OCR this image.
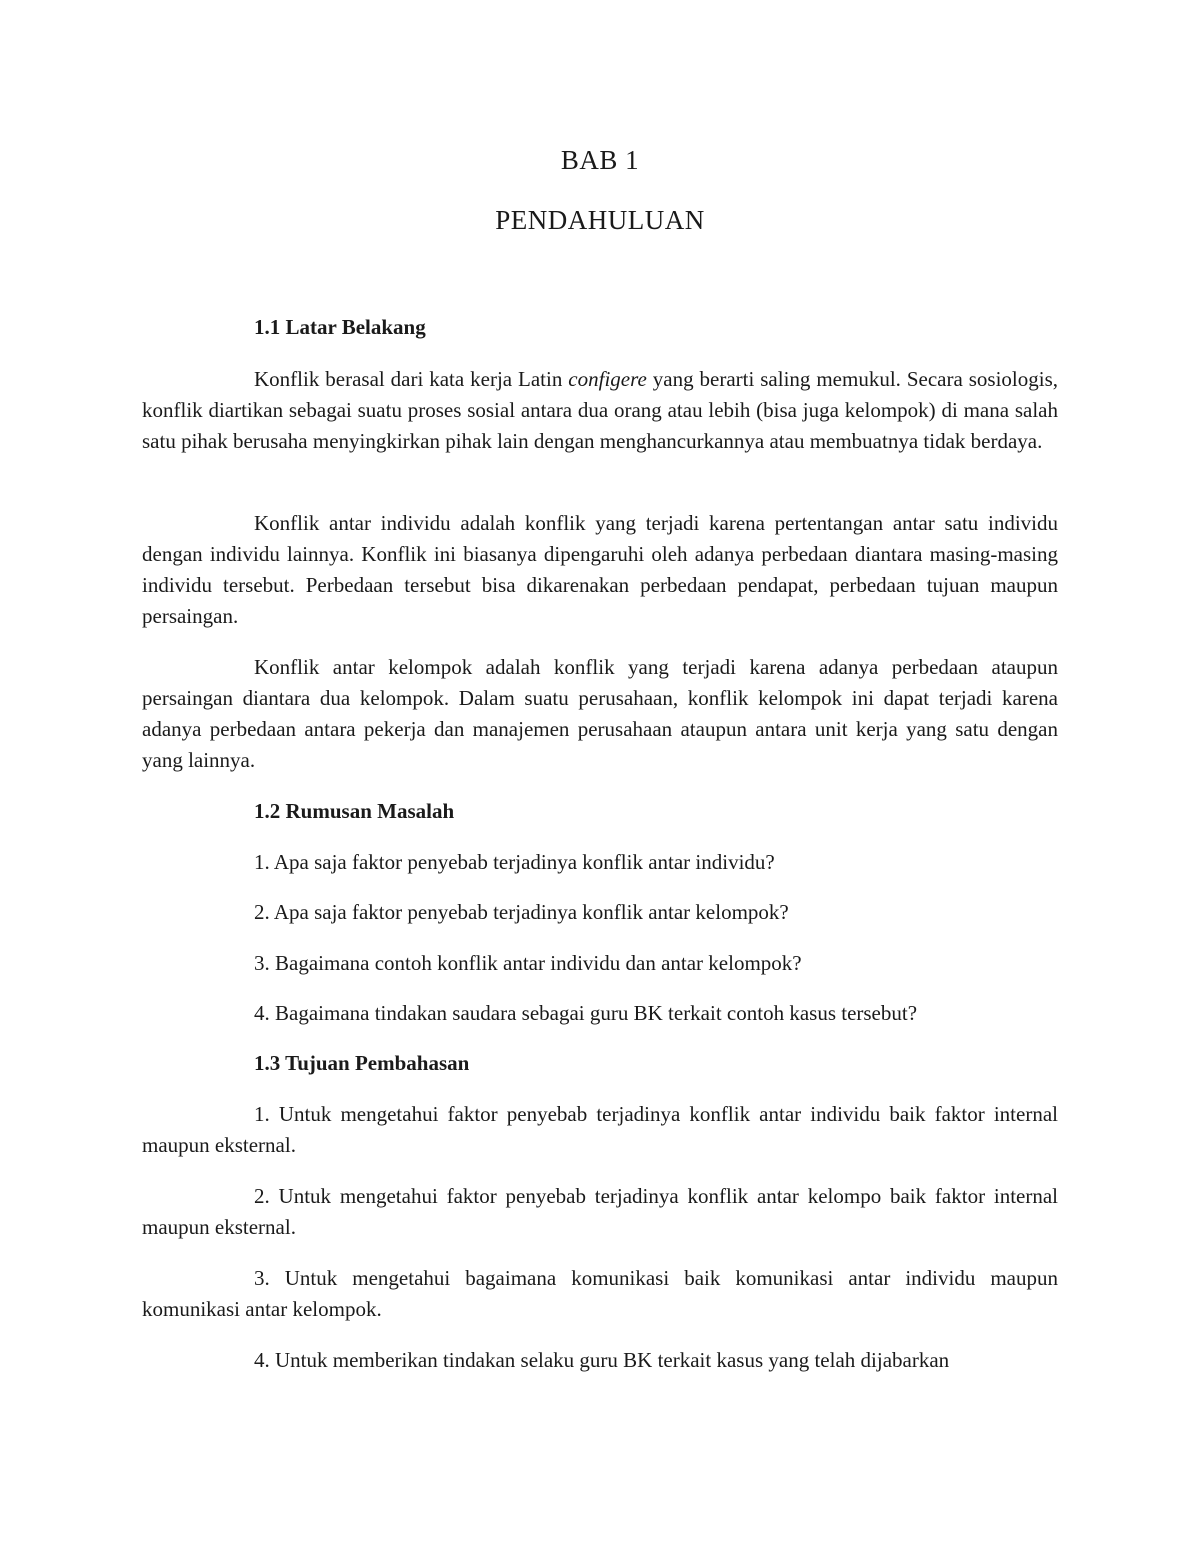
BAB 1
PENDAHULUAN
1.1 Latar Belakang

Konflik berasal dari kata kerja Latin configere yang berarti saling memukul. Secara sosiologis, konflik diartikan sebagai suatu proses sosial antara dua orang atau lebih (bisa juga kelompok) di mana salah satu pihak berusaha menyingkirkan pihak lain dengan menghancurkannya atau membuatnya tidak berdaya.

Konflik antar individu adalah konflik yang terjadi karena pertentangan antar satu individu dengan individu lainnya. Konflik ini biasanya dipengaruhi oleh adanya perbedaan diantara masing-masing individu tersebut. Perbedaan tersebut bisa dikarenakan perbedaan pendapat, perbedaan tujuan maupun persaingan.

Konflik antar kelompok adalah konflik yang terjadi karena adanya perbedaan ataupun persaingan diantara dua kelompok. Dalam suatu perusahaan, konflik kelompok ini dapat terjadi karena adanya perbedaan antara pekerja dan manajemen perusahaan ataupun antara unit kerja yang satu dengan yang lainnya.

1.2 Rumusan Masalah

1. Apa saja faktor penyebab terjadinya konflik antar individu?

2. Apa saja faktor penyebab terjadinya konflik antar kelompok?

3. Bagaimana contoh konflik antar individu dan antar kelompok?

4. Bagaimana tindakan saudara sebagai guru BK terkait contoh kasus tersebut?

1.3 Tujuan Pembahasan

1. Untuk mengetahui faktor penyebab terjadinya konflik antar individu baik faktor internal maupun eksternal.

2. Untuk mengetahui faktor penyebab terjadinya konflik antar kelompo baik faktor internal maupun eksternal.

3. Untuk mengetahui bagaimana komunikasi baik komunikasi antar individu maupun komunikasi antar kelompok.

4. Untuk memberikan tindakan selaku guru BK terkait kasus yang telah dijabarkan
